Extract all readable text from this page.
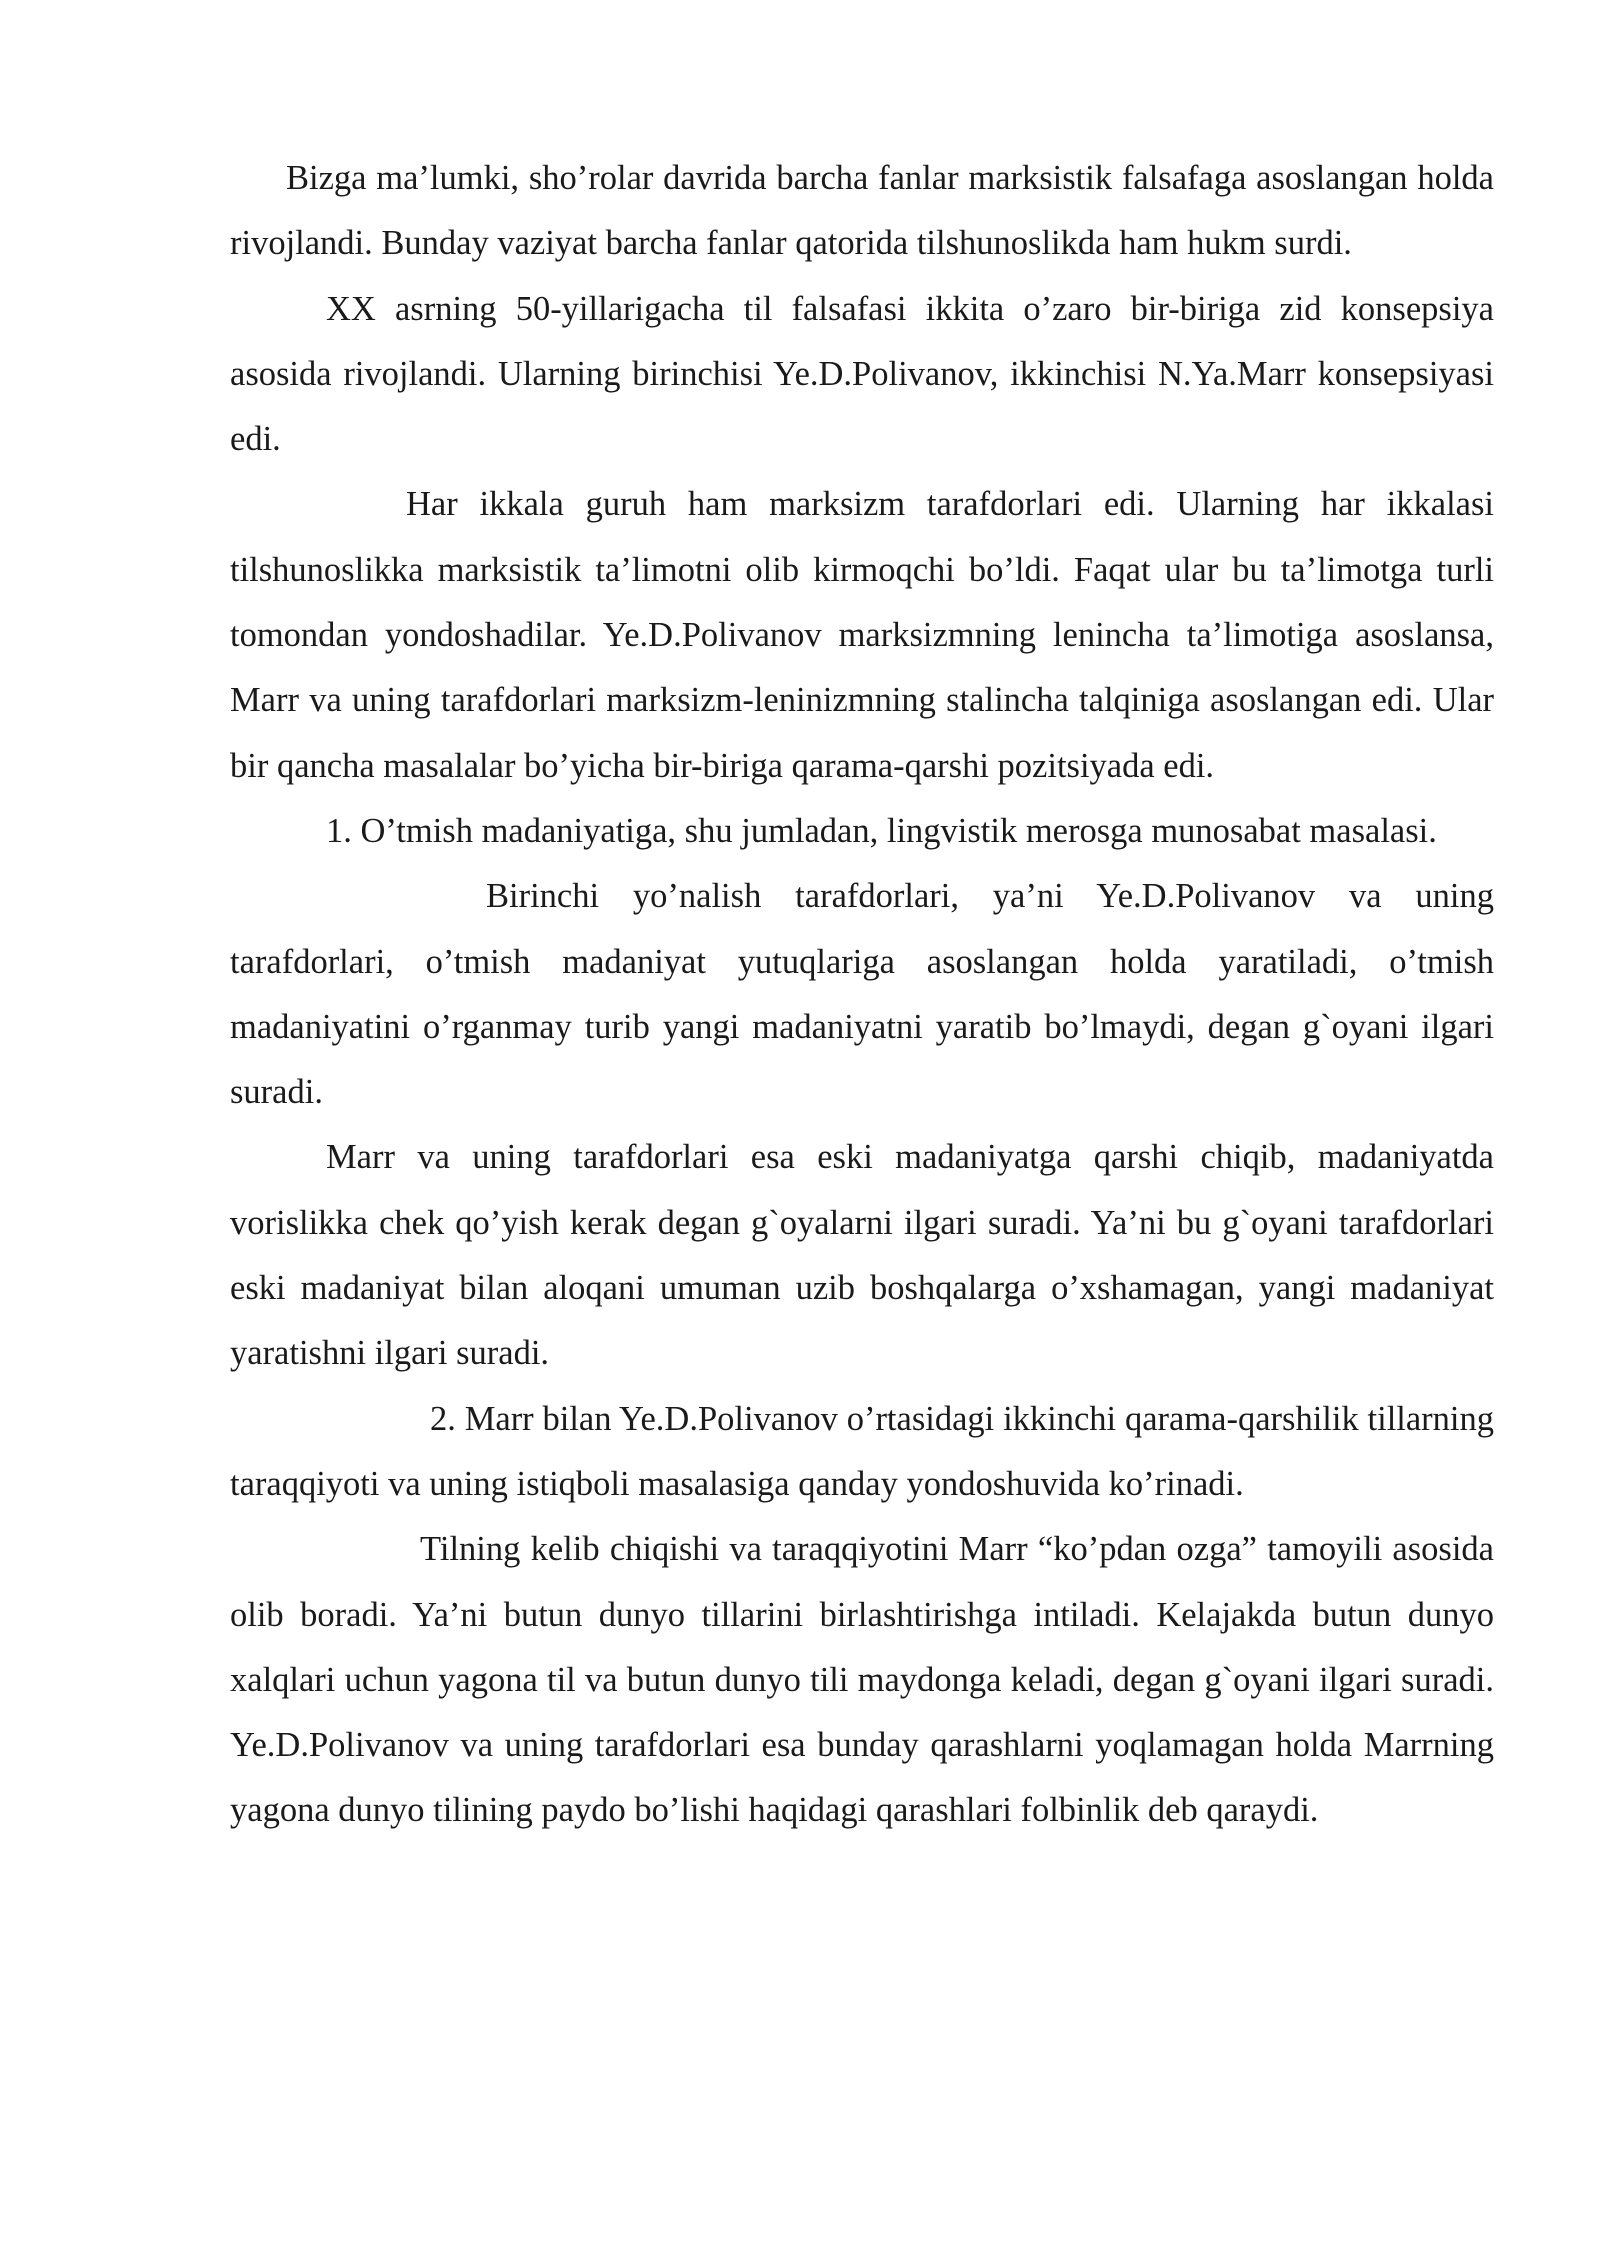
Bizga ma’lumki, sho’rolar davrida barcha fanlar marksistik falsafaga asoslangan holda rivojlandi. Bunday vaziyat barcha fanlar qatorida tilshunoslikda ham hukm surdi.

XX asrning 50-yillarigacha til falsafasi ikkita o’zaro bir-biriga zid konsepsiya asosida rivojlandi. Ularning birinchisi Ye.D.Polivanov, ikkinchisi N.Ya.Marr konsepsiyasi edi.

Har ikkala guruh ham marksizm tarafdorlari edi. Ularning har ikkalasi tilshunoslikka marksistik ta’limotni olib kirmoqchi bo’ldi. Faqat ular bu ta’limotga turli tomondan yondoshadilar. Ye.D.Polivanov marksizmning lenincha ta’limotiga asoslansa, Marr va uning tarafdorlari marksizm-leninizmning stalincha talqiniga asoslangan edi. Ular bir qancha masalalar bo’yicha bir-biriga qarama-qarshi pozitsiyada edi.

1. O’tmish madaniyatiga, shu jumladan, lingvistik merosga munosabat masalasi.

Birinchi yo’nalish tarafdorlari, ya’ni Ye.D.Polivanov va uning tarafdorlari, o’tmish madaniyat yutuqlariga asoslangan holda yaratiladi, o’tmish madaniyatini o’rganmay turib yangi madaniyatni yaratib bo’lmaydi, degan g`oyani ilgari suradi.

Marr va uning tarafdorlari esa eski madaniyatga qarshi chiqib, madaniyatda vorislikka chek qo’yish kerak degan g`oyalarni ilgari suradi. Ya’ni bu g`oyani tarafdorlari eski madaniyat bilan aloqani umuman uzib boshqalarga o’xshamagan, yangi madaniyat yaratishni ilgari suradi.

2. Marr bilan Ye.D.Polivanov o’rtasidagi ikkinchi qarama-qarshilik tillarning taraqqiyoti va uning istiqboli masalasiga qanday yondoshuvida ko’rinadi.

Tilning kelib chiqishi va taraqqiyotini Marr “ko’pdan ozga” tamoyili asosida olib boradi. Ya’ni butun dunyo tillarini birlashtirishga intiladi. Kelajakda butun dunyo xalqlari uchun yagona til va butun dunyo tili maydonga keladi, degan g`oyani ilgari suradi. Ye.D.Polivanov va uning tarafdorlari esa bunday qarashlarni yoqlamagan holda Marrning yagona dunyo tilining paydo bo’lishi haqidagi qarashlari folbinlik deb qaraydi.
